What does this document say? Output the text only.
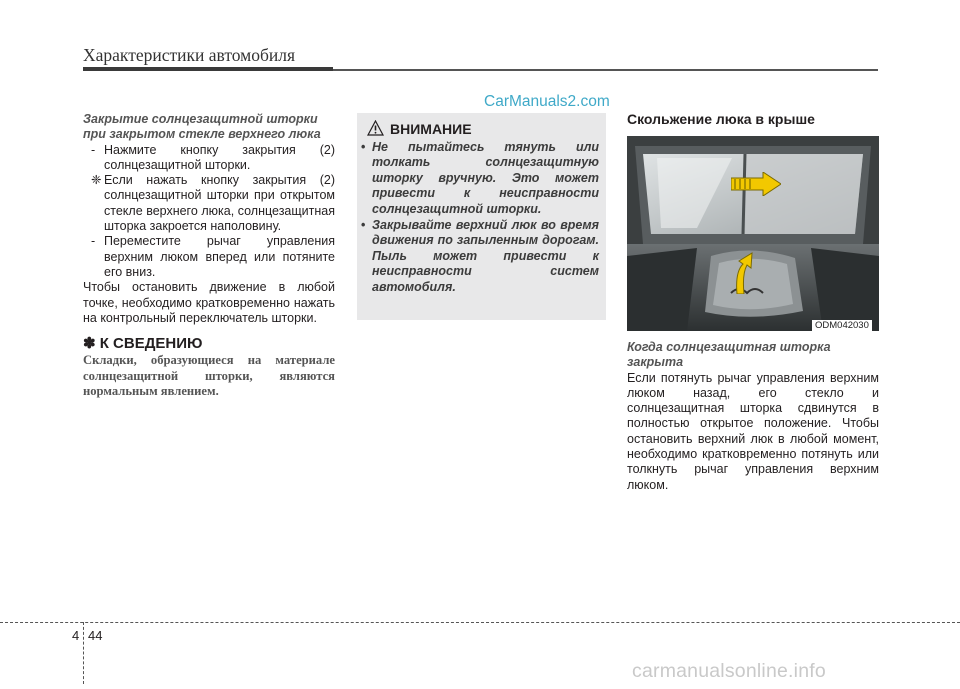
Характеристики автомобиля
CarManuals2.com
Закрытие солнцезащитной шторки при закрытом стекле верхнего люка
- Нажмите кнопку закрытия (2) солнцезащитной шторки.
❈ Если нажать кнопку закрытия (2) солнцезащитной шторки при открытом стекле верхнего люка, солнцезащитная шторка закроется наполовину.
- Переместите рычаг управления верхним люком вперед или потяните его вниз.
Чтобы остановить движение в любой точке, необходимо кратковременно нажать на контрольный переключатель шторки.
✽ К СВЕДЕНИЮ
Складки, образующиеся на материале солнцезащитной шторки, являются нормальным явлением.
ВНИМАНИЕ
• Не пытайтесь тянуть или толкать солнцезащитную шторку вручную. Это может привести к неисправности солнцезащитной шторки.
• Закрывайте верхний люк во время движения по запыленным дорогам. Пыль может привести к неисправности систем автомобиля.
Скольжение люка в крыше
ODM042030
Когда солнцезащитная шторка закрыта
Если потянуть рычаг управления верхним люком назад, его стекло и солнцезащитная шторка сдвинутся в полностью открытое положение. Чтобы остановить верхний люк в любой момент, необходимо кратковременно потянуть или толкнуть рычаг управления верхним люком.
4 44
carmanualsonline.info
